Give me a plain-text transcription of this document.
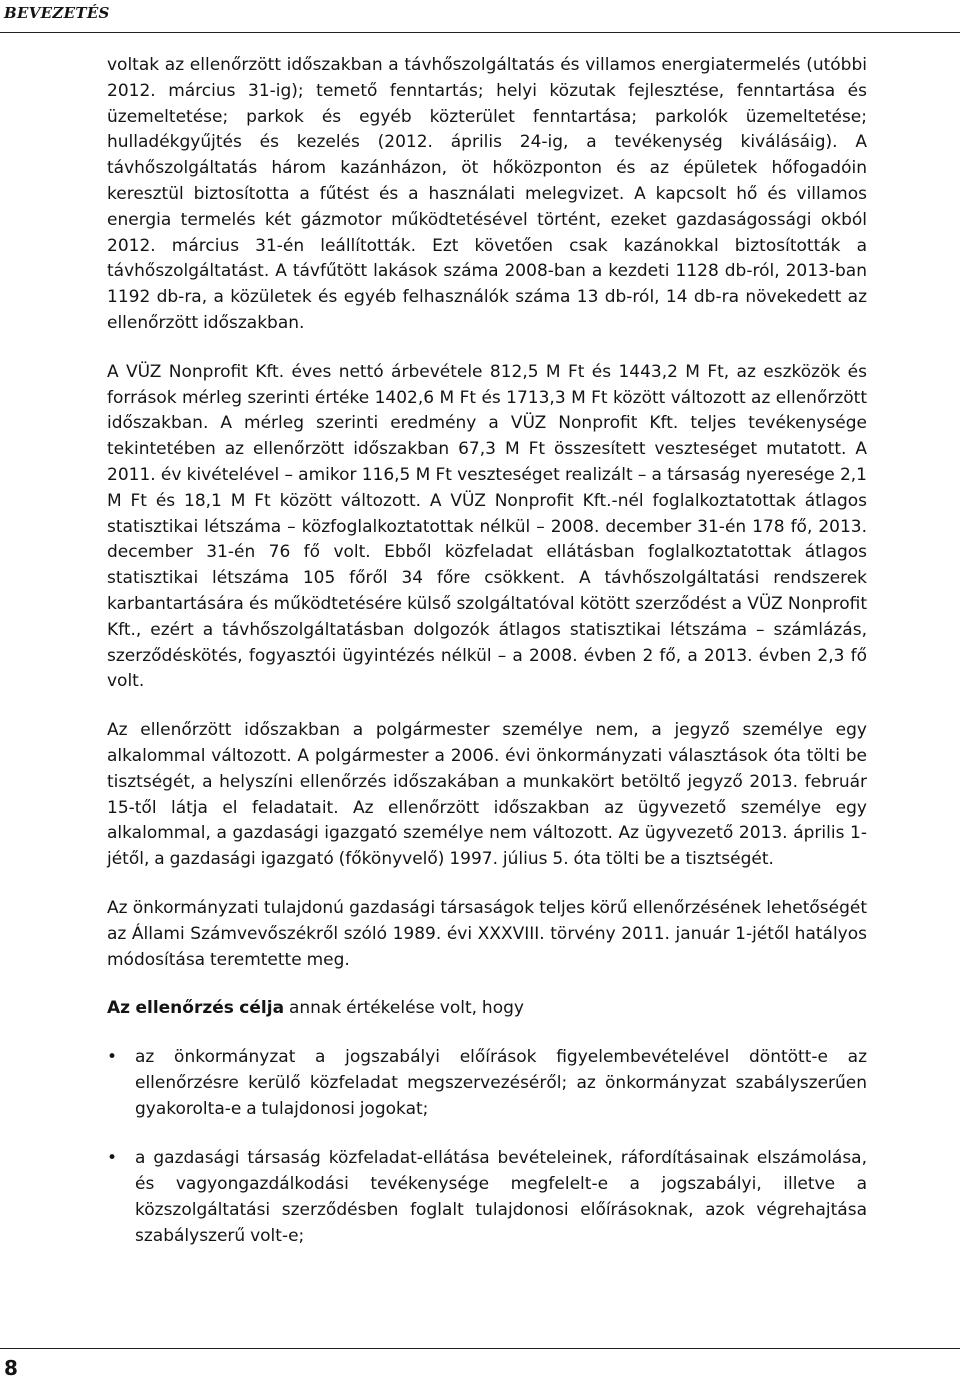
BEVEZETÉS

voltak az ellenőrzött időszakban a távhőszolgáltatás és villamos energiatermelés (utóbbi 2012. március 31-ig); temető fenntartás; helyi közutak fejlesztése, fenntartása és üzemeltetése; parkok és egyéb közterület fenntartása; parkolók üzemeltetése; hulladékgyűjtés és kezelés (2012. április 24-ig, a tevékenység kiválásáig). A távhőszolgáltatás három kazánházon, öt hőközponton és az épületek hőfogadóin keresztül biztosította a fűtést és a használati melegvizet. A kapcsolt hő és villamos energia termelés két gázmotor működtetésével történt, ezeket gazdaságossági okból 2012. március 31-én leállították. Ezt követően csak kazánokkal biztosították a távhőszolgáltatást. A távfűtött lakások száma 2008-ban a kezdeti 1128 db-ról, 2013-ban 1192 db-ra, a közületek és egyéb felhasználók száma 13 db-ról, 14 db-ra növekedett az ellenőrzött időszakban.

A VÜZ Nonprofit Kft. éves nettó árbevétele 812,5 M Ft és 1443,2 M Ft, az eszközök és források mérleg szerinti értéke 1402,6 M Ft és 1713,3 M Ft között változott az ellenőrzött időszakban. A mérleg szerinti eredmény a VÜZ Nonprofit Kft. teljes tevékenysége tekintetében az ellenőrzött időszakban 67,3 M Ft összesített veszteséget mutatott. A 2011. év kivételével – amikor 116,5 M Ft veszteséget realizált – a társaság nyeresége 2,1 M Ft és 18,1 M Ft között változott. A VÜZ Nonprofit Kft.-nél foglalkoztatottak átlagos statisztikai létszáma – közfoglalkoztatottak nélkül – 2008. december 31-én 178 fő, 2013. december 31-én 76 fő volt. Ebből közfeladat ellátásban foglalkoztatottak átlagos statisztikai létszáma 105 főről 34 főre csökkent. A távhőszolgáltatási rendszerek karbantartására és működtetésére külső szolgáltatóval kötött szerződést a VÜZ Nonprofit Kft., ezért a távhőszolgáltatásban dolgozók átlagos statisztikai létszáma – számlázás, szerződéskötés, fogyasztói ügyintézés nélkül – a 2008. évben 2 fő, a 2013. évben 2,3 fő volt.

Az ellenőrzött időszakban a polgármester személye nem, a jegyző személye egy alkalommal változott. A polgármester a 2006. évi önkormányzati választások óta tölti be tisztségét, a helyszíni ellenőrzés időszakában a munkakört betöltő jegyző 2013. február 15-től látja el feladatait. Az ellenőrzött időszakban az ügyvezető személye egy alkalommal, a gazdasági igazgató személye nem változott. Az ügyvezető 2013. április 1-jétől, a gazdasági igazgató (főkönyvelő) 1997. július 5. óta tölti be a tisztségét.

Az önkormányzati tulajdonú gazdasági társaságok teljes körű ellenőrzésének lehetőségét az Állami Számvevőszékről szóló 1989. évi XXXVIII. törvény 2011. január 1-jétől hatályos módosítása teremtette meg.

Az ellenőrzés célja annak értékelése volt, hogy

• az önkormányzat a jogszabályi előírások figyelembevételével döntött-e az ellenőrzésre kerülő közfeladat megszervezéséről; az önkormányzat szabályszerűen gyakorolta-e a tulajdonosi jogokat;
• a gazdasági társaság közfeladat-ellátása bevételeinek, ráfordításainak elszámolása, és vagyongazdálkodási tevékenysége megfelelt-e a jogszabályi, illetve a közszolgáltatási szerződésben foglalt tulajdonosi előírásoknak, azok végrehajtása szabályszerű volt-e;
8
